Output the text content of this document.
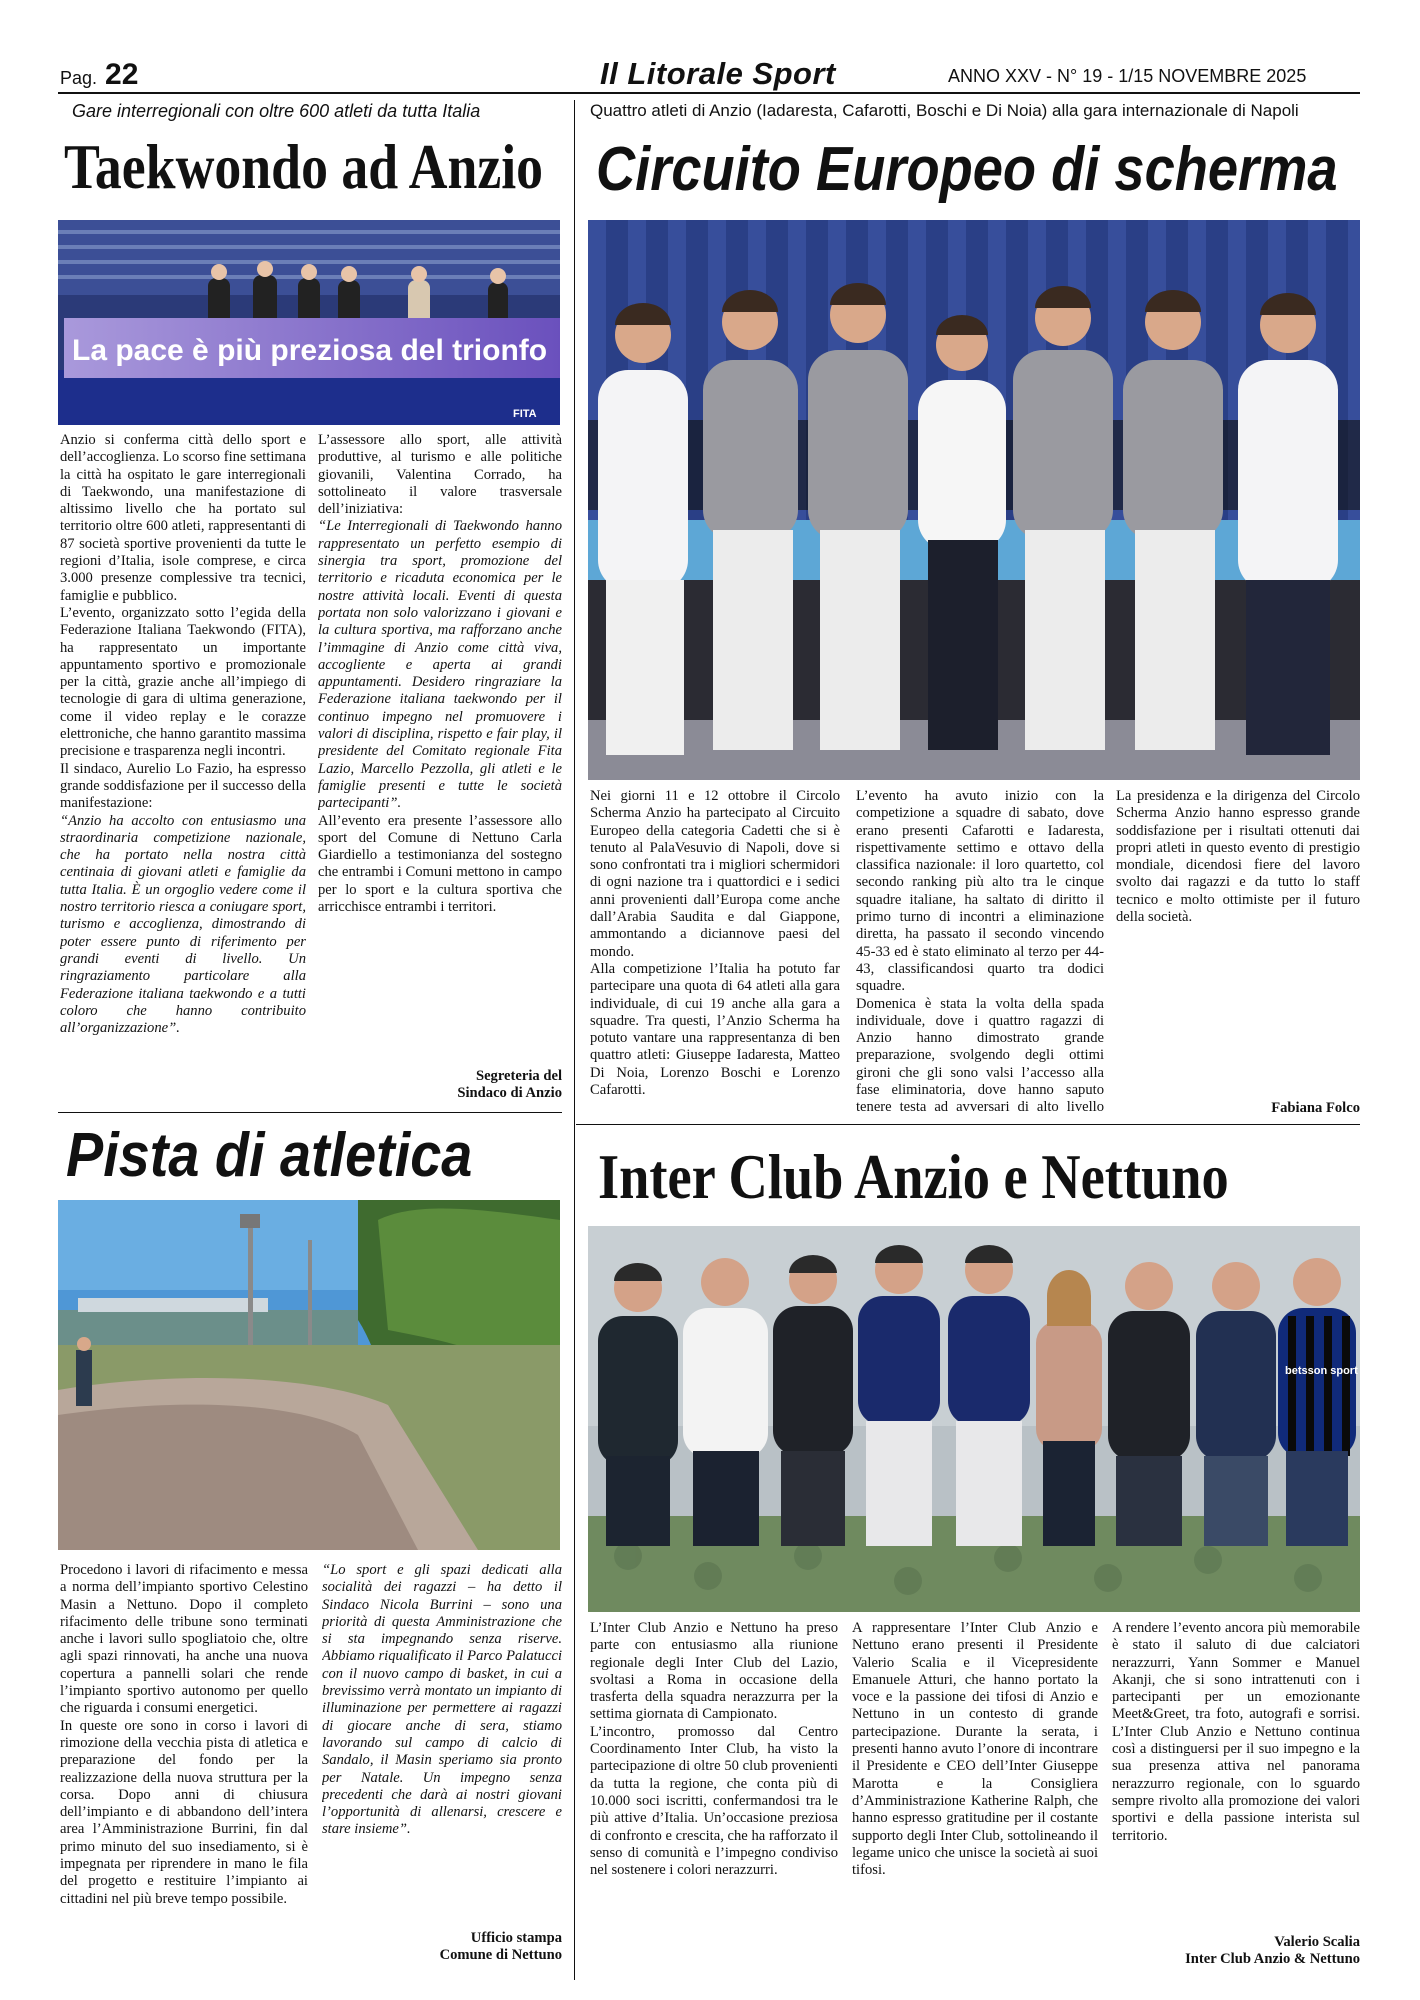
Pag. 22	Il Litorale Sport	ANNO XXV - N° 19 - 1/15 NOVEMBRE 2025
Gare interregionali con oltre 600 atleti da tutta Italia
Taekwondo ad Anzio
La pace è più preziosa del trionfo
FITA

Anzio si conferma città dello sport e dell’accoglienza. Lo scorso fine settimana la città ha ospitato le gare interregionali di Taekwondo, una manifestazione di altissimo livello che ha portato sul territorio oltre 600 atleti, rappresentanti di 87 società sportive provenienti da tutte le regioni d’Italia, isole comprese, e circa 3.000 presenze complessive tra tecnici, famiglie e pubblico.

L’evento, organizzato sotto l’egida della Federazione Italiana Taekwondo (FITA), ha rappresentato un importante appuntamento sportivo e promozionale per la città, grazie anche all’impiego di tecnologie di gara di ultima generazione, come il video replay e le corazze elettroniche, che hanno garantito massima precisione e trasparenza negli incontri.

Il sindaco, Aurelio Lo Fazio, ha espresso grande soddisfazione per il successo della manifestazione:

“Anzio ha accolto con entusiasmo una straordinaria competizione nazionale, che ha portato nella nostra città centinaia di giovani atleti e famiglie da tutta Italia. È un orgoglio vedere come il nostro territorio riesca a coniugare sport, turismo e accoglienza, dimostrando di poter essere punto di riferimento per grandi eventi di livello. Un ringraziamento particolare alla Federazione italiana taekwondo e a tutti coloro che hanno contribuito all’organizzazione”.

L’assessore allo sport, alle attività produttive, al turismo e alle politiche giovanili, Valentina Corrado, ha sottolineato il valore trasversale dell’iniziativa:

“Le Interregionali di Taekwondo hanno rappresentato un perfetto esempio di sinergia tra sport, promozione del territorio e ricaduta economica per le nostre attività locali. Eventi di questa portata non solo valorizzano i giovani e la cultura sportiva, ma rafforzano anche l’immagine di Anzio come città viva, accogliente e aperta ai grandi appuntamenti. Desidero ringraziare la Federazione italiana taekwondo per il continuo impegno nel promuovere i valori di disciplina, rispetto e fair play, il presidente del Comitato regionale Fita Lazio, Marcello Pezzolla, gli atleti e le famiglie presenti e tutte le società partecipanti”.

All’evento era presente l’assessore allo sport del Comune di Nettuno Carla Giardiello a testimonianza del sostegno che entrambi i Comuni mettono in campo per lo sport e la cultura sportiva che arricchisce entrambi i territori.

Segreteria del
Sindaco di Anzio
Quattro atleti di Anzio (Iadaresta, Cafarotti, Boschi e Di Noia) alla gara internazionale di Napoli
Circuito Europeo di scherma

Nei giorni 11 e 12 ottobre il Circolo Scherma Anzio ha partecipato al Circuito Europeo della categoria Cadetti che si è tenuto al PalaVesuvio di Napoli, dove si sono confrontati tra i migliori schermidori di ogni nazione tra i quattordici e i sedici anni provenienti dall’Europa come anche dall’Arabia Saudita e dal Giappone, ammontando a diciannove paesi del mondo.

Alla competizione l’Italia ha potuto far partecipare una quota di 64 atleti alla gara individuale, di cui 19 anche alla gara a squadre. Tra questi, l’Anzio Scherma ha potuto vantare una rappresentanza di ben quattro atleti: Giuseppe Iadaresta, Matteo Di Noia, Lorenzo Boschi e Lorenzo Cafarotti.

L’evento ha avuto inizio con la competizione a squadre di sabato, dove erano presenti Cafarotti e Iadaresta, rispettivamente settimo e ottavo della classifica nazionale: il loro quartetto, col secondo ranking più alto tra le cinque squadre italiane, ha saltato di diritto il primo turno di incontri a eliminazione diretta, ha passato il secondo vincendo 45-33 ed è stato eliminato al terzo per 44-43, classificandosi quarto tra dodici squadre.

Domenica è stata la volta della spada individuale, dove i quattro ragazzi di Anzio hanno dimostrato grande preparazione, svolgendo degli ottimi gironi che gli sono valsi l’accesso alla fase eliminatoria, dove hanno saputo tenere testa ad avversari di alto livello

La presidenza e la dirigenza del Circolo Scherma Anzio hanno espresso grande soddisfazione per i risultati ottenuti dai propri atleti in questo evento di prestigio mondiale, dicendosi fiere del lavoro svolto dai ragazzi e da tutto lo staff tecnico e molto ottimiste per il futuro della società.

Fabiana Folco
Pista di atletica

Procedono i lavori di rifacimento e messa a norma dell’impianto sportivo Celestino Masin a Nettuno. Dopo il completo rifacimento delle tribune sono terminati anche i lavori sullo spogliatoio che, oltre agli spazi rinnovati, ha anche una nuova copertura a pannelli solari che rende l’impianto sportivo autonomo per quello che riguarda i consumi energetici.

In queste ore sono in corso i lavori di rimozione della vecchia pista di atletica e preparazione del fondo per la realizzazione della nuova struttura per la corsa. Dopo anni di chiusura dell’impianto e di abbandono dell’intera area l’Amministrazione Burrini, fin dal primo minuto del suo insediamento, si è impegnata per riprendere in mano le fila del progetto e restituire l’impianto ai cittadini nel più breve tempo possibile.

“Lo sport e gli spazi dedicati alla socialità dei ragazzi – ha detto il Sindaco Nicola Burrini – sono una priorità di questa Amministrazione che si sta impegnando senza riserve. Abbiamo riqualificato il Parco Palatucci con il nuovo campo di basket, in cui a brevissimo verrà montato un impianto di illuminazione per permettere ai ragazzi di giocare anche di sera, stiamo lavorando sul campo di calcio di Sandalo, il Masin speriamo sia pronto per Natale. Un impegno senza precedenti che darà ai nostri giovani l’opportunità di allenarsi, crescere e stare insieme”.

Ufficio stampa
Comune di Nettuno
Inter Club Anzio e Nettuno
betsson sport

L’Inter Club Anzio e Nettuno ha preso parte con entusiasmo alla riunione regionale degli Inter Club del Lazio, svoltasi a Roma in occasione della trasferta della squadra nerazzurra per la settima giornata di Campionato.

L’incontro, promosso dal Centro Coordinamento Inter Club, ha visto la partecipazione di oltre 50 club provenienti da tutta la regione, che conta più di 10.000 soci iscritti, confermandosi tra le più attive d’Italia. Un’occasione preziosa di confronto e crescita, che ha rafforzato il senso di comunità e l’impegno condiviso nel sostenere i colori nerazzurri.

A rappresentare l’Inter Club Anzio e Nettuno erano presenti il Presidente Valerio Scalia e il Vicepresidente Emanuele Atturi, che hanno portato la voce e la passione dei tifosi di Anzio e Nettuno in un contesto di grande partecipazione. Durante la serata, i presenti hanno avuto l’onore di incontrare il Presidente e CEO dell’Inter Giuseppe Marotta e la Consigliera d’Amministrazione Katherine Ralph, che hanno espresso gratitudine per il costante supporto degli Inter Club, sottolineando il legame unico che unisce la società ai suoi tifosi.

A rendere l’evento ancora più memorabile è stato il saluto di due calciatori nerazzurri, Yann Sommer e Manuel Akanji, che si sono intrattenuti con i partecipanti per un emozionante Meet&Greet, tra foto, autografi e sorrisi. L’Inter Club Anzio e Nettuno continua così a distinguersi per il suo impegno e la sua presenza attiva nel panorama nerazzurro regionale, con lo sguardo sempre rivolto alla promozione dei valori sportivi e della passione interista sul territorio.

Valerio Scalia
Inter Club Anzio & Nettuno
